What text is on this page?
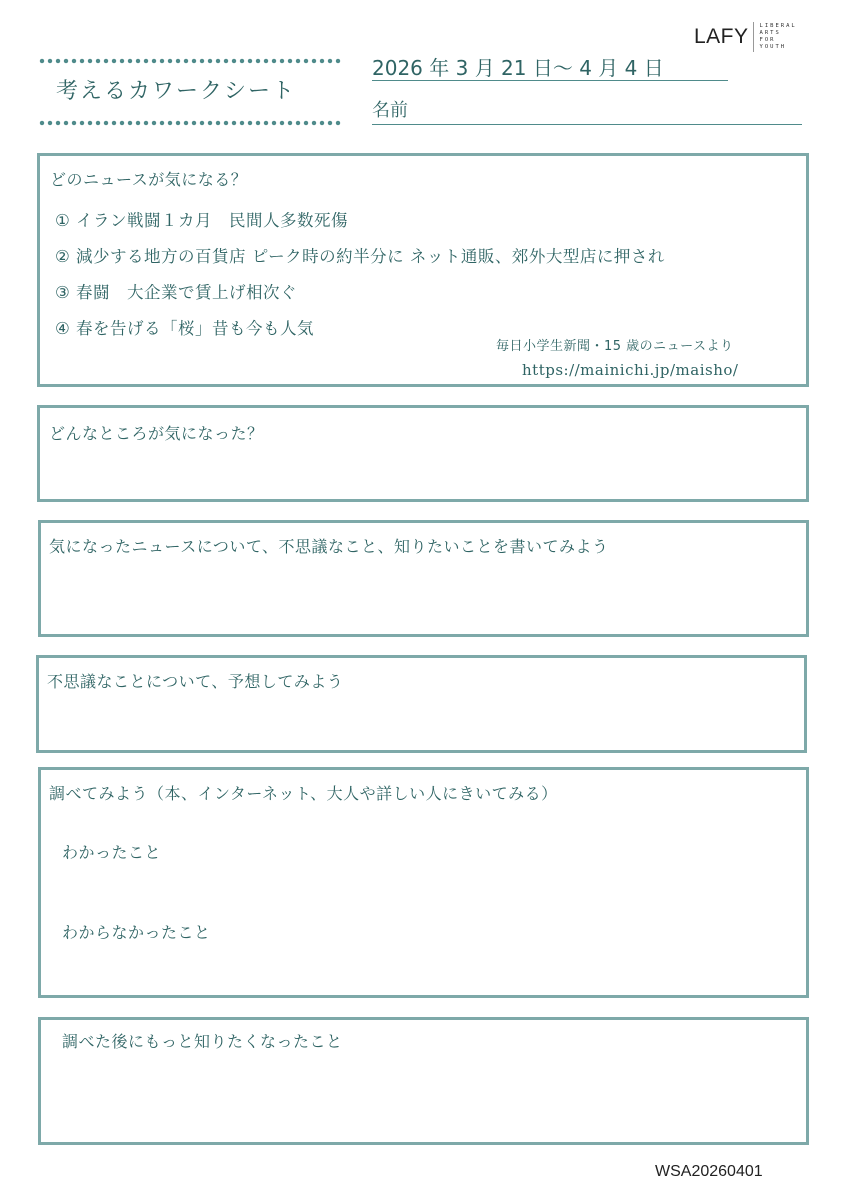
考えるカワークシート
2026 年 3 月 21 日～ 4 月 4 日
名前
LAFY LIBERAL
ARTS
FOR
YOUTH
どのニュースが気になる？
① イラン戦闘１カ月　民間人多数死傷
② 減少する地方の百貨店 ピーク時の約半分に ネット通販、郊外大型店に押され
③ 春闘　大企業で賃上げ相次ぐ
④ 春を告げる「桜」昔も今も人気
毎日小学生新聞・15 歳のニュースより
https://mainichi.jp/maisho/
どんなところが気になった？
気になったニュースについて、不思議なこと、知りたいことを書いてみよう
不思議なことについて、予想してみよう
調べてみよう（本、インターネット、大人や詳しい人にきいてみる）
わかったこと
わからなかったこと
調べた後にもっと知りたくなったこと
WSA20260401
